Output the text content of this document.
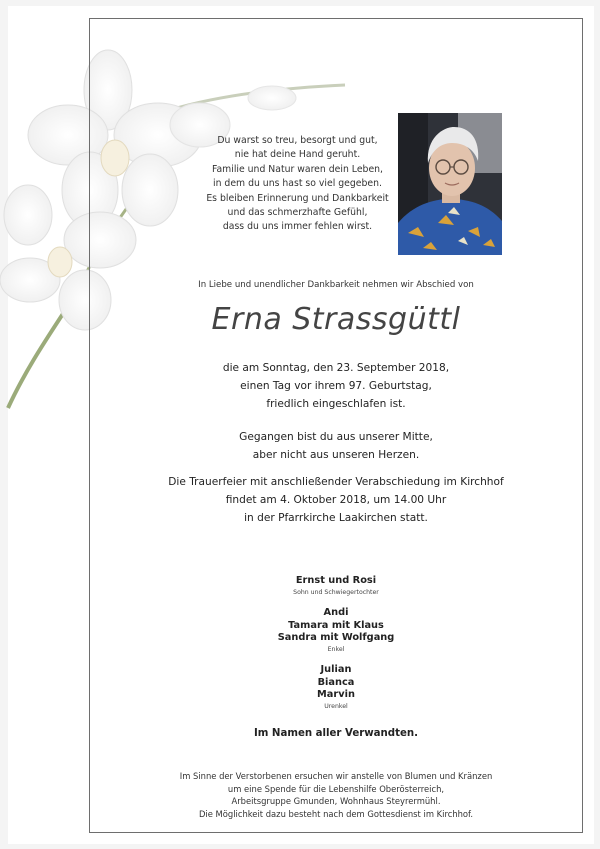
Du warst so treu, besorgt und gut,
nie hat deine Hand geruht.
Familie und Natur waren dein Leben,
in dem du uns hast so viel gegeben.
Es bleiben Erinnerung und Dankbarkeit
und das schmerzhafte Gefühl,
dass du uns immer fehlen wirst.
In Liebe und unendlicher Dankbarkeit nehmen wir Abschied von
Erna Strassgüttl
die am Sonntag, den 23. September 2018,
einen Tag vor ihrem 97. Geburtstag,
friedlich eingeschlafen ist.
Gegangen bist du aus unserer Mitte,
aber nicht aus unseren Herzen.
Die Trauerfeier mit anschließender Verabschiedung im Kirchhof
findet am 4. Oktober 2018, um 14.00 Uhr
in der Pfarrkirche Laakirchen statt.
Ernst und Rosi
Sohn und Schwiegertochter
Andi
Tamara mit Klaus
Sandra mit Wolfgang
Enkel
Julian
Bianca
Marvin
Urenkel
Im Namen aller Verwandten.
Im Sinne der Verstorbenen ersuchen wir anstelle von Blumen und Kränzen
um eine Spende für die Lebenshilfe Oberösterreich,
Arbeitsgruppe Gmunden, Wohnhaus Steyrermühl.
Die Möglichkeit dazu besteht nach dem Gottesdienst im Kirchhof.
